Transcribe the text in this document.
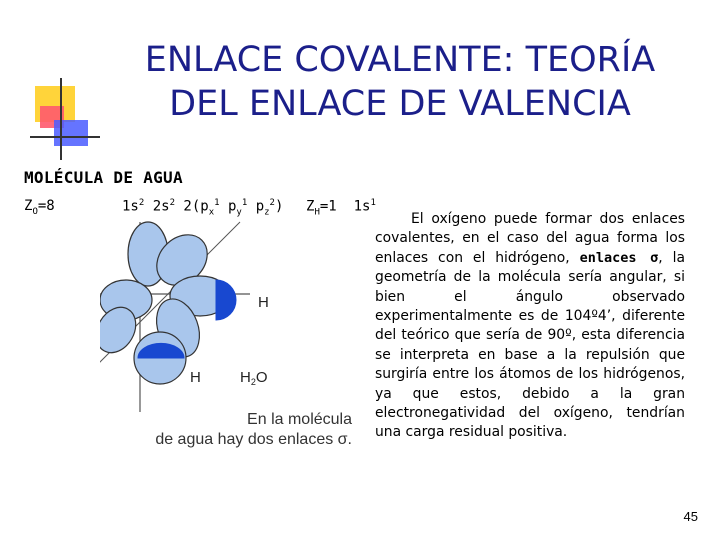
ENLACE COVALENTE: TEORÍA
DEL ENLACE DE VALENCIA
MOLÉCULA DE AGUA
$Z_O=8$	$1s^2$ $2s^2$ $2(p_x^1$ $p_y^1$ $p_z^2$) $Z_H=1$  $1s^1$
El oxígeno puede formar dos enlaces covalentes, en el caso del agua forma los enlaces con el hidrógeno, enlaces σ, la geometría de la molécula sería angular, si bien el ángulo observado experimentalmente es de 104º4’, diferente del teórico que sería de 90º, esta diferencia se interpreta en base a la repulsión que surgiría entre los átomos de los hidrógenos, ya que estos, debido a la gran electronegatividad del oxígeno, tendrían una carga residual positiva.
H
H	$H_2O$
En la molécula
de agua hay dos enlaces σ.
45
